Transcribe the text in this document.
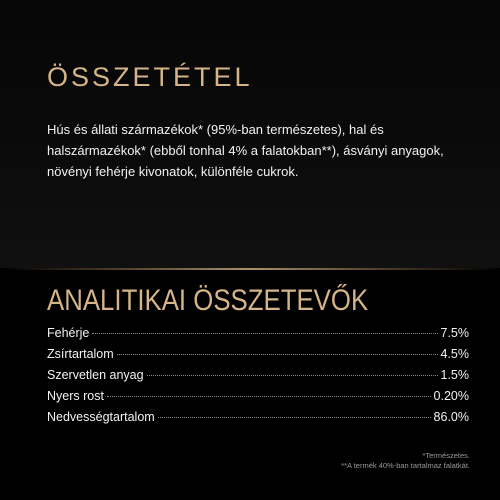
ÖSSZETÉTEL

Hús és állati származékok* (95%-ban természetes), hal és halszármazékok* (ebből tonhal 4% a falatokban**), ásványi anyagok, növényi fehérje kivonatok, különféle cukrok.

ANALITIKAI ÖSSZETEVŐK
Fehérje	7.5%
Zsírtartalom	4.5%
Szervetlen anyag	1.5%
Nyers rost	0.20%
Nedvességtartalom	86.0%
*Természetes.
**A termék 40%-ban tartalmaz falatkát.
